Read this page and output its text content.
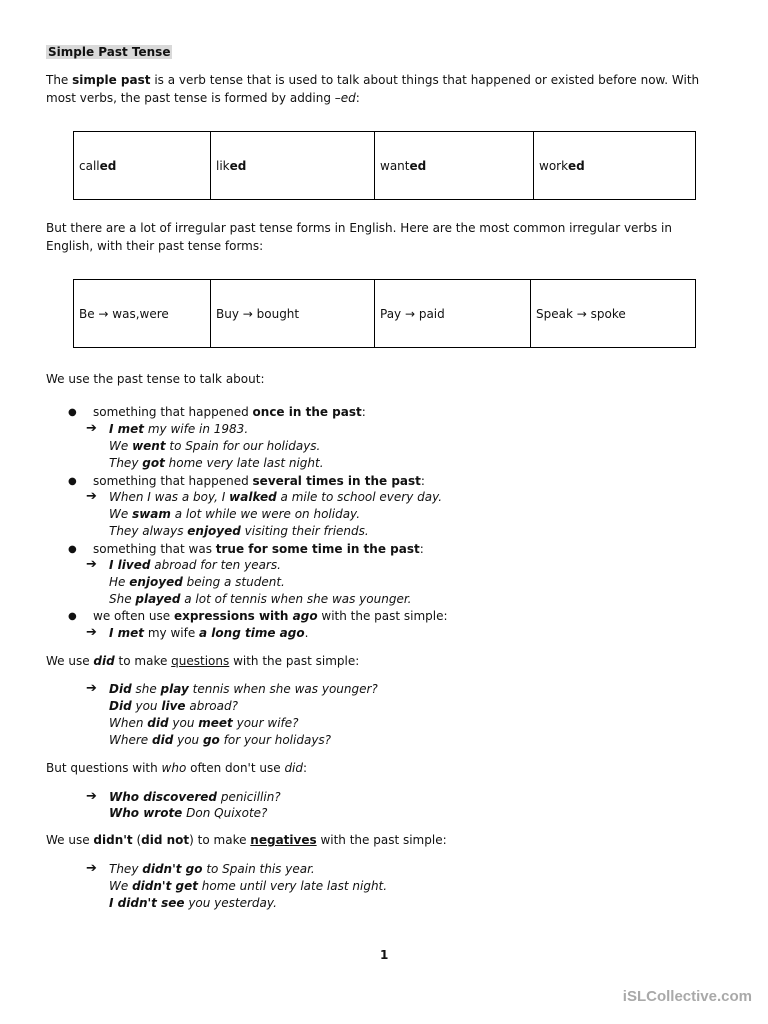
Simple Past Tense
The simple past is a verb tense that is used to talk about things that happened or existed before now. With most verbs, the past tense is formed by adding –ed:
called	liked	wanted	worked
But there are a lot of irregular past tense forms in English. Here are the most common irregular verbs in English, with their past tense forms:
Be → was,were	Buy → bought	Pay → paid	Speak → spoke
We use the past tense to talk about:
● something that happened once in the past:
➔ I met my wife in 1983.
We went to Spain for our holidays.
They got home very late last night.
● something that happened several times in the past:
➔ When I was a boy, I walked a mile to school every day.
We swam a lot while we were on holiday.
They always enjoyed visiting their friends.
● something that was true for some time in the past:
➔ I lived abroad for ten years.
He enjoyed being a student.
She played a lot of tennis when she was younger.
● we often use expressions with ago with the past simple:
➔ I met my wife a long time ago.
We use did to make questions with the past simple:
➔ Did she play tennis when she was younger?
Did you live abroad?
When did you meet your wife?
Where did you go for your holidays?
But questions with who often don't use did:
➔ Who discovered penicillin?
Who wrote Don Quixote?
We use didn't (did not) to make negatives with the past simple:
➔ They didn't go to Spain this year.
We didn't get home until very late last night.
I didn't see you yesterday.
1
iSLCollective.com
